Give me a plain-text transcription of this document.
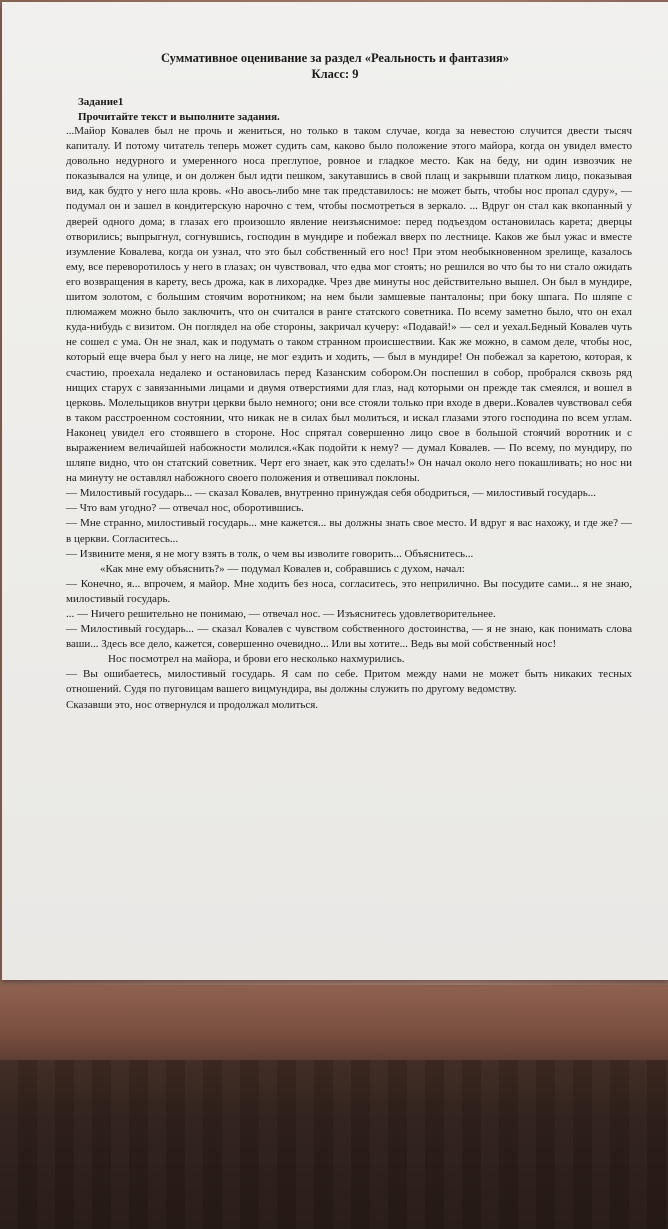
Суммативное оценивание за раздел «Реальность и фантазия»
Класс: 9
Задание1
Прочитайте текст и выполните задания.

...Майор Ковалев был не прочь и жениться, но только в таком случае, когда за невестою случится двести тысяч капиталу. И потому читатель теперь может судить сам, каково было положение этого майора, когда он увидел вместо довольно недурного и умеренного носа преглупое, ровное и гладкое место. Как на беду, ни один извозчик не показывался на улице, и он должен был идти пешком, закутавшись в свой плащ и закрывши платком лицо, показывая вид, как будто у него шла кровь. «Но авось-либо мне так представилось: не может быть, чтобы нос пропал сдуру», — подумал он и зашел в кондитерскую нарочно с тем, чтобы посмотреться в зеркало. ... Вдруг он стал как вкопанный у дверей одного дома; в глазах его произошло явление неизъяснимое: перед подъездом остановилась карета; дверцы отворились; выпрыгнул, согнувшись, господин в мундире и побежал вверх по лестнице. Каков же был ужас и вместе изумление Ковалева, когда он узнал, что это был собственный его нос! При этом необыкновенном зрелище, казалось ему, все переворотилось у него в глазах; он чувствовал, что едва мог стоять; но решился во что бы то ни стало ожидать его возвращения в карету, весь дрожа, как в лихорадке. Чрез две минуты нос действительно вышел. Он был в мундире, шитом золотом, с большим стоячим воротником; на нем были замшевые панталоны; при боку шпага. По шляпе с плюмажем можно было заключить, что он считался в ранге статского советника. По всему заметно было, что он ехал куда-нибудь с визитом. Он поглядел на обе стороны, закричал кучеру: «Подавай!» — сел и уехал.Бедный Ковалев чуть не сошел с ума. Он не знал, как и подумать о таком странном происшествии. Как же можно, в самом деле, чтобы нос, который еще вчера был у него на лице, не мог ездить и ходить, — был в мундире! Он побежал за каретою, которая, к счастию, проехала недалеко и остановилась перед Казанским собором.Он поспешил в собор, пробрался сквозь ряд нищих старух с завязанными лицами и двумя отверстиями для глаз, над которыми он прежде так смеялся, и вошел в церковь. Молельщиков внутри церкви было немного; они все стояли только при входе в двери..Ковалев чувствовал себя в таком расстроенном состоянии, что никак не в силах был молиться, и искал глазами этого господина по всем углам. Наконец увидел его стоявшего в стороне. Нос спрятал совершенно лицо свое в большой стоячий воротник и с выражением величайшей набожности молился.«Как подойти к нему? — думал Ковалев. — По всему, по мундиру, по шляпе видно, что он статский советник. Черт его знает, как это сделать!» Он начал около него покашливать; но нос ни на минуту не оставлял набожного своего положения и отвешивал поклоны.

— Милостивый государь... — сказал Ковалев, внутренно принуждая себя ободриться, — милостивый государь...

— Что вам угодно? — отвечал нос, оборотившись.

— Мне странно, милостивый государь... мне кажется... вы должны знать свое место. И вдруг я вас нахожу, и где же? — в церкви. Согласитесь...

— Извините меня, я не могу взять в толк, о чем вы изволите говорить... Объяснитесь...

«Как мне ему объяснить?» — подумал Ковалев и, собравшись с духом, начал:

— Конечно, я... впрочем, я майор. Мне ходить без носа, согласитесь, это неприлично. Вы посудите сами... я не знаю, милостивый государь.

... — Ничего решительно не понимаю, — отвечал нос. — Изъяснитесь удовлетворительнее.

— Милостивый государь... — сказал Ковалев с чувством собственного достоинства, — я не знаю, как понимать слова ваши... Здесь все дело, кажется, совершенно очевидно... Или вы хотите... Ведь вы мой собственный нос!

Нос посмотрел на майора, и брови его несколько нахмурились.

— Вы ошибаетесь, милостивый государь. Я сам по себе. Притом между нами не может быть никаких тесных отношений. Судя по пуговицам вашего вицмундира, вы должны служить по другому ведомству.

Сказавши это, нос отвернулся и продолжал молиться.
